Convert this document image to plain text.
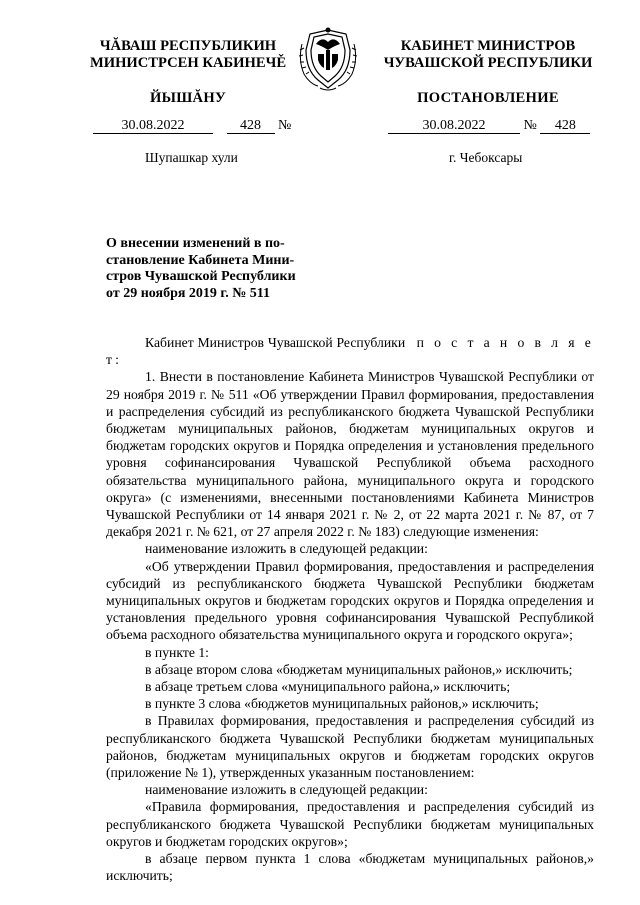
ЧĂВАШ РЕСПУБЛИКИН
МИНИСТРСЕН КАБИНЕЧĚ
ЙЫШĂНУ
КАБИНЕТ МИНИСТРОВ
ЧУВАШСКОЙ РЕСПУБЛИКИ
ПОСТАНОВЛЕНИЕ
30.08.2022	428 №	30.08.2022	№ 428
Шупашкар хули	г. Чебоксары
О внесении изменений в по-
становление Кабинета Мини-
стров Чувашской Республики
от 29 ноября 2019 г. № 511

Кабинет Министров Чувашской Республики п о с т а н о в л я е т:

1. Внести в постановление Кабинета Министров Чувашской Республики от 29 ноября 2019 г. № 511 «Об утверждении Правил формирования, предоставления и распределения субсидий из республиканского бюджета Чувашской Республики бюджетам муниципальных районов, бюджетам муниципальных округов и бюджетам городских округов и Порядка определения и установления предельного уровня софинансирования Чувашской Республикой объема расходного обязательства муниципального района, муниципального округа и городского округа» (с изменениями, внесенными постановлениями Кабинета Министров Чувашской Республики от 14 января 2021 г. № 2, от 22 марта 2021 г. № 87, от 7 декабря 2021 г. № 621, от 27 апреля 2022 г. № 183) следующие изменения:

наименование изложить в следующей редакции:

«Об утверждении Правил формирования, предоставления и распределения субсидий из республиканского бюджета Чувашской Республики бюджетам муниципальных округов и бюджетам городских округов и Порядка определения и установления предельного уровня софинансирования Чувашской Республикой объема расходного обязательства муниципального округа и городского округа»;

в пункте 1:

в абзаце втором слова «бюджетам муниципальных районов,» исключить;

в абзаце третьем слова «муниципального района,» исключить;

в пункте 3 слова «бюджетов муниципальных районов,» исключить;

в Правилах формирования, предоставления и распределения субсидий из республиканского бюджета Чувашской Республики бюджетам муниципальных районов, бюджетам муниципальных округов и бюджетам городских округов (приложение № 1), утвержденных указанным постановлением:

наименование изложить в следующей редакции:

«Правила формирования, предоставления и распределения субсидий из республиканского бюджета Чувашской Республики бюджетам муниципальных округов и бюджетам городских округов»;

в абзаце первом пункта 1 слова «бюджетам муниципальных районов,» исключить;
